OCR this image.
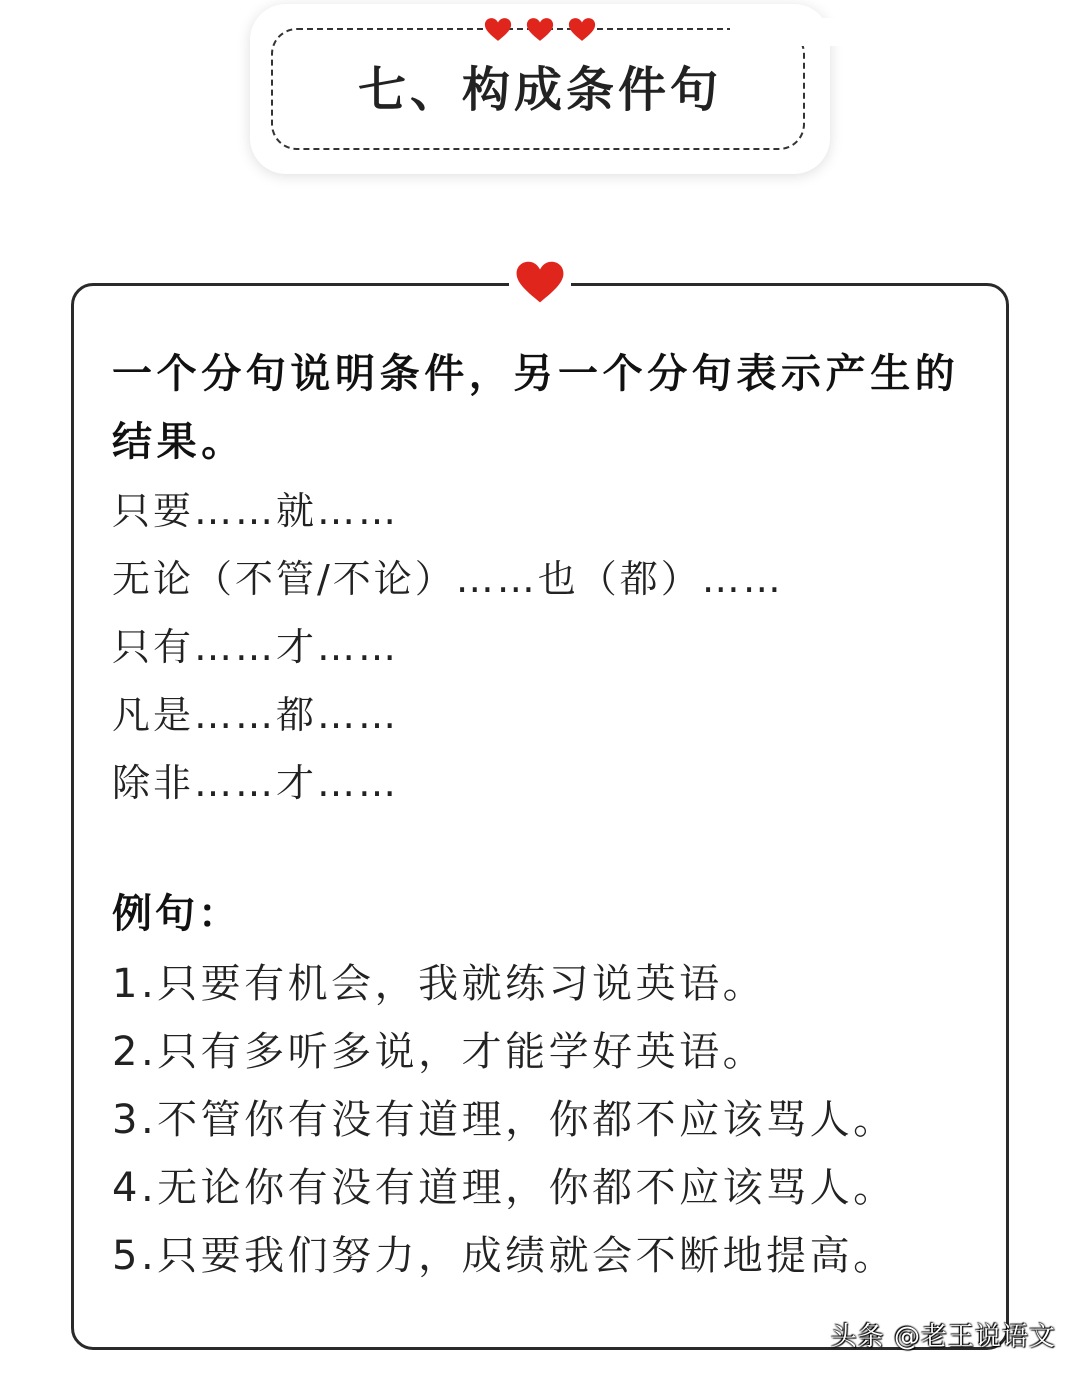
七、构成条件句

一个分句说明条件，另一个分句表示产生的结果。

只要……就……
无论（不管/不论）……也（都）……
只有……才……
凡是……都……
除非……才……
例句：
1.只要有机会，我就练习说英语。
2.只有多听多说，才能学好英语。
3.不管你有没有道理，你都不应该骂人。
4.无论你有没有道理，你都不应该骂人。
5.只要我们努力，成绩就会不断地提高。
头条 @老王说语文
